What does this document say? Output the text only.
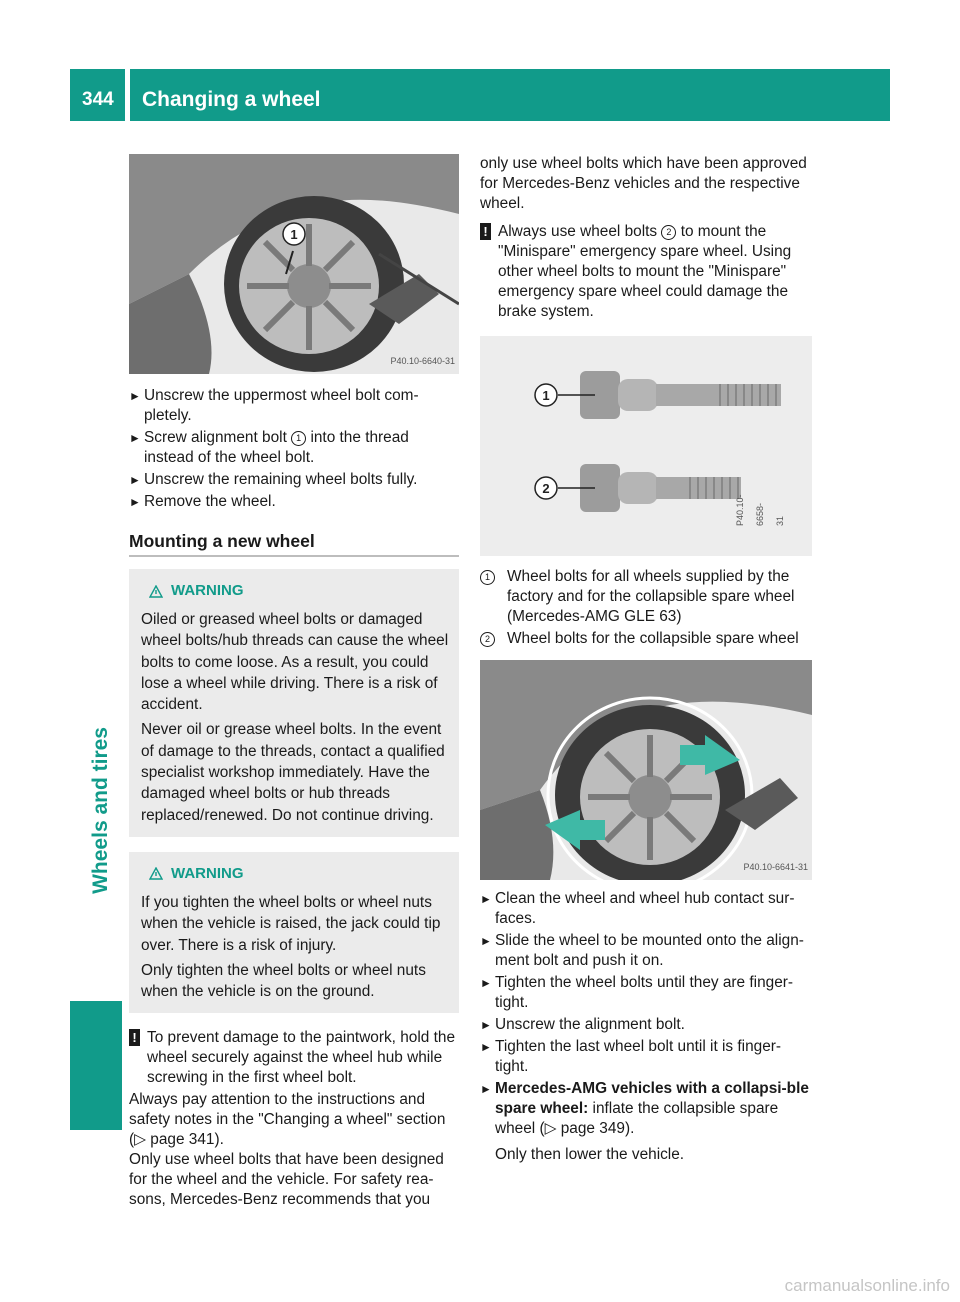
344 Changing a wheel
Wheels and tires
1
P40.10-6640-31

► Unscrew the uppermost wheel bolt com-pletely.

► Screw alignment bolt 1 into the thread instead of the wheel bolt.

► Unscrew the remaining wheel bolts fully.

► Remove the wheel.

Mounting a new wheel
WARNING

Oiled or greased wheel bolts or damaged wheel bolts/hub threads can cause the wheel bolts to come loose. As a result, you could lose a wheel while driving. There is a risk of accident.

Never oil or grease wheel bolts. In the event of damage to the threads, contact a qualified specialist workshop immediately. Have the damaged wheel bolts or hub threads replaced/renewed. Do not continue driving.

WARNING

If you tighten the wheel bolts or wheel nuts when the vehicle is raised, the jack could tip over. There is a risk of injury.

Only tighten the wheel bolts or wheel nuts when the vehicle is on the ground.

! To prevent damage to the paintwork, hold the wheel securely against the wheel hub while screwing in the first wheel bolt.

Always pay attention to the instructions and safety notes in the "Changing a wheel" section (▷ page 341).

Only use wheel bolts that have been designed for the wheel and the vehicle. For safety rea-sons, Mercedes-Benz recommends that you

only use wheel bolts which have been approved for Mercedes-Benz vehicles and the respective wheel.

! Always use wheel bolts 2 to mount the "Minispare" emergency spare wheel. Using other wheel bolts to mount the "Minispare" emergency spare wheel could damage the brake system.

1
2
P40.10-6658-31

1	Wheel bolts for all wheels supplied by the factory and for the collapsible spare wheel (Mercedes-AMG GLE 63)

2	Wheel bolts for the collapsible spare wheel

P40.10-6641-31

► Clean the wheel and wheel hub contact sur-faces.

► Slide the wheel to be mounted onto the align-ment bolt and push it on.

► Tighten the wheel bolts until they are finger-tight.

► Unscrew the alignment bolt.

► Tighten the last wheel bolt until it is finger-tight.

► Mercedes-AMG vehicles with a collapsi-ble spare wheel: inflate the collapsible spare wheel (▷ page 349).

Only then lower the vehicle.

carmanualsonline.info
